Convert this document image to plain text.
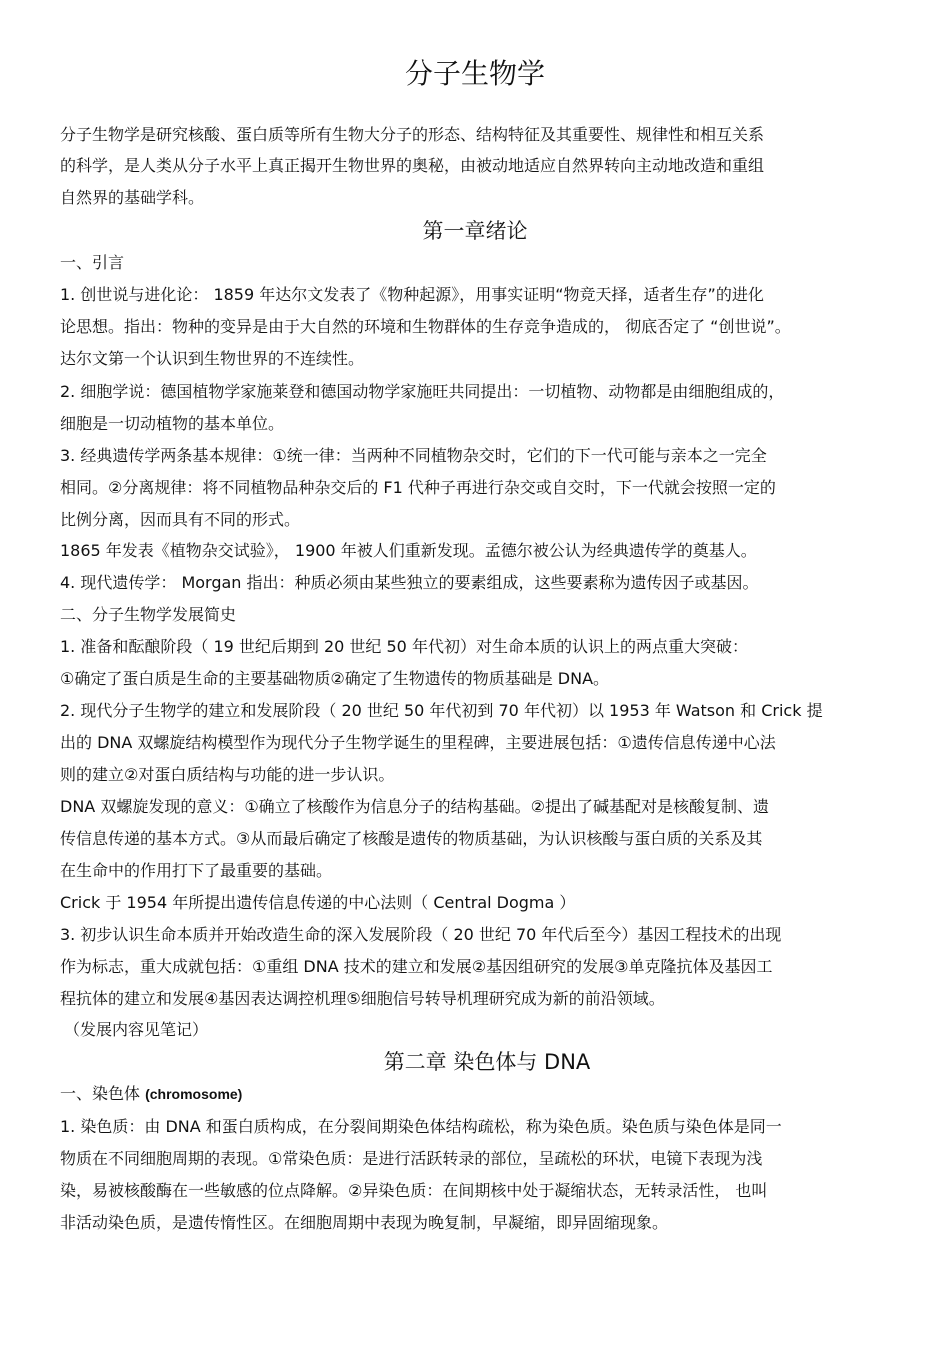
分子生物学
分子生物学是研究核酸、蛋白质等所有生物大分子的形态、结构特征及其重要性、规律性和相互关系
的科学，是人类从分子水平上真正揭开生物世界的奥秘，由被动地适应自然界转向主动地改造和重组
自然界的基础学科。
第一章绪论
一、引言
1. 创世说与进化论： 1859 年达尔文发表了《物种起源》，用事实证明“物竞天择，适者生存”的进化
论思想。指出：物种的变异是由于大自然的环境和生物群体的生存竞争造成的， 彻底否定了 “创世说”。
达尔文第一个认识到生物世界的不连续性。
2. 细胞学说：德国植物学家施莱登和德国动物学家施旺共同提出：一切植物、动物都是由细胞组成的，
细胞是一切动植物的基本单位。
3. 经典遗传学两条基本规律：①统一律：当两种不同植物杂交时，它们的下一代可能与亲本之一完全
相同。②分离规律：将不同植物品种杂交后的 F1 代种子再进行杂交或自交时，下一代就会按照一定的
比例分离，因而具有不同的形式。
1865 年发表《植物杂交试验》， 1900 年被人们重新发现。孟德尔被公认为经典遗传学的奠基人。
4. 现代遗传学： Morgan 指出：种质必须由某些独立的要素组成，这些要素称为遗传因子或基因。
二、分子生物学发展简史
1. 准备和酝酿阶段（ 19 世纪后期到 20 世纪 50 年代初）对生命本质的认识上的两点重大突破：
①确定了蛋白质是生命的主要基础物质②确定了生物遗传的物质基础是 DNA。
2. 现代分子生物学的建立和发展阶段（ 20 世纪 50 年代初到 70 年代初）以 1953 年 Watson 和 Crick 提
出的 DNA 双螺旋结构模型作为现代分子生物学诞生的里程碑，主要进展包括：①遗传信息传递中心法
则的建立②对蛋白质结构与功能的进一步认识。
DNA 双螺旋发现的意义：①确立了核酸作为信息分子的结构基础。②提出了碱基配对是核酸复制、遗
传信息传递的基本方式。③从而最后确定了核酸是遗传的物质基础，为认识核酸与蛋白质的关系及其
在生命中的作用打下了最重要的基础。
Crick 于 1954 年所提出遗传信息传递的中心法则（ Central Dogma ）
3. 初步认识生命本质并开始改造生命的深入发展阶段（ 20 世纪 70 年代后至今）基因工程技术的出现
作为标志，重大成就包括：①重组 DNA 技术的建立和发展②基因组研究的发展③单克隆抗体及基因工
程抗体的建立和发展④基因表达调控机理⑤细胞信号转导机理研究成为新的前沿领域。
（发展内容见笔记）
第二章 染色体与 DNA
一、染色体 (chromosome)
1. 染色质：由 DNA 和蛋白质构成，在分裂间期染色体结构疏松，称为染色质。染色质与染色体是同一
物质在不同细胞周期的表现。①常染色质：是进行活跃转录的部位，呈疏松的环状，电镜下表现为浅
染，易被核酸酶在一些敏感的位点降解。②异染色质：在间期核中处于凝缩状态，无转录活性， 也叫
非活动染色质，是遗传惰性区。在细胞周期中表现为晚复制，早凝缩，即异固缩现象。
